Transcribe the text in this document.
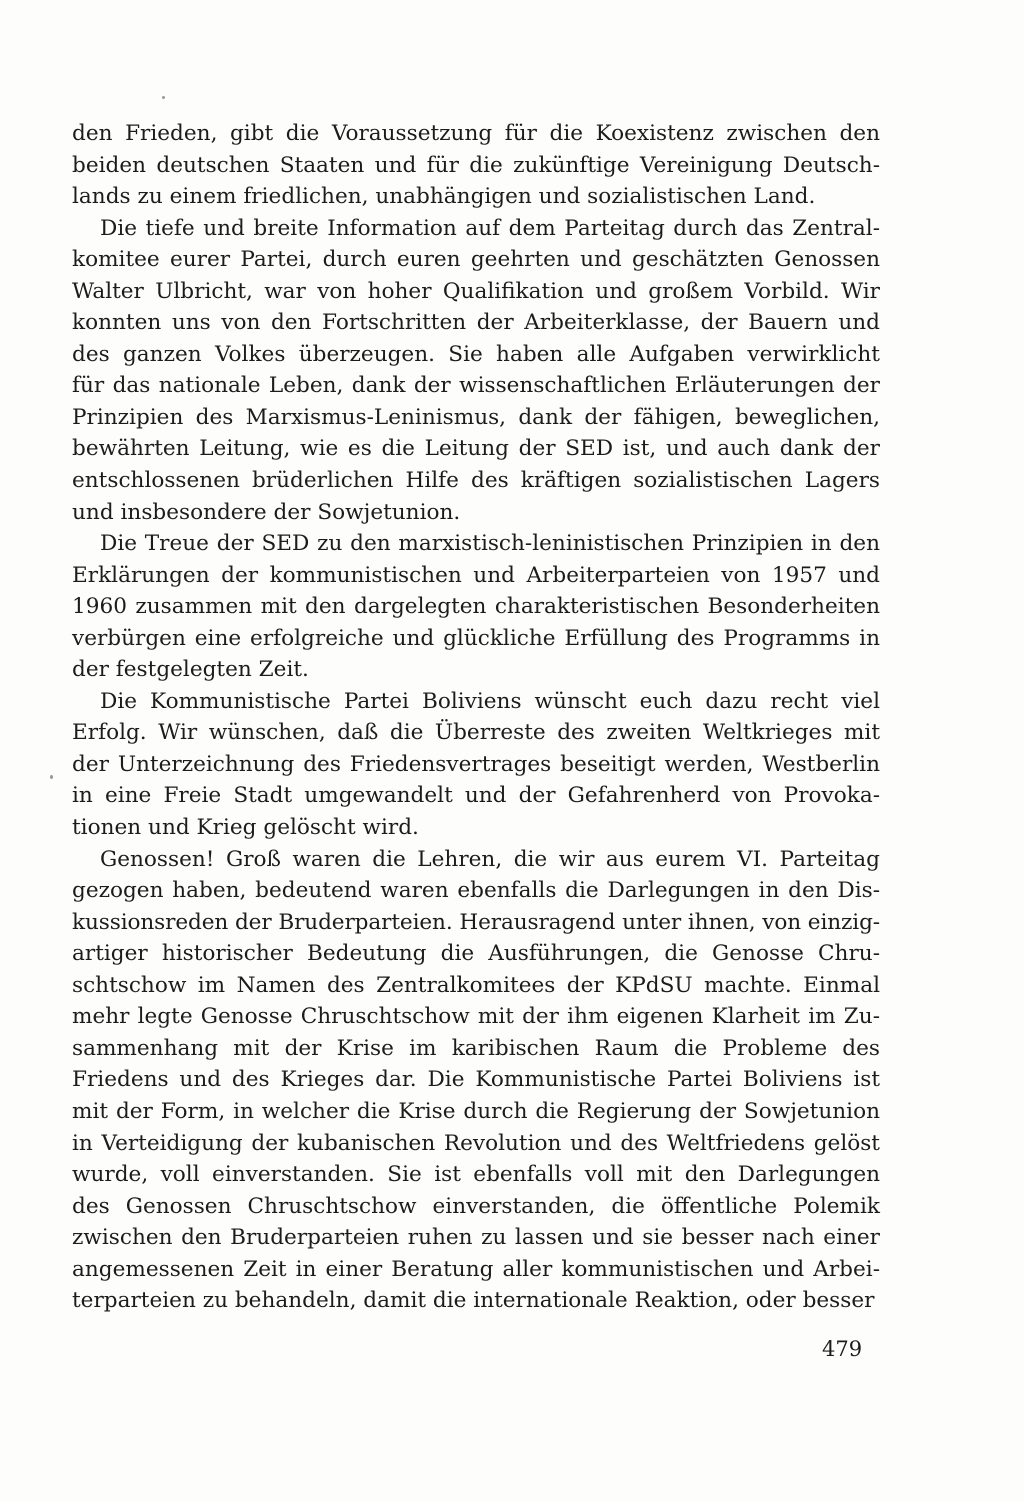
den Frieden, gibt die Voraussetzung für die Koexistenz zwischen den
beiden deutschen Staaten und für die zukünftige Vereinigung Deutsch-
lands zu einem friedlichen, unabhängigen und sozialistischen Land.
Die tiefe und breite Information auf dem Parteitag durch das Zentral-
komitee eurer Partei, durch euren geehrten und geschätzten Genossen
Walter Ulbricht, war von hoher Qualifikation und großem Vorbild. Wir
konnten uns von den Fortschritten der Arbeiterklasse, der Bauern und
des ganzen Volkes überzeugen. Sie haben alle Aufgaben verwirklicht
für das nationale Leben, dank der wissenschaftlichen Erläuterungen der
Prinzipien des Marxismus-Leninismus, dank der fähigen, beweglichen,
bewährten Leitung, wie es die Leitung der SED ist, und auch dank der
entschlossenen brüderlichen Hilfe des kräftigen sozialistischen Lagers
und insbesondere der Sowjetunion.
Die Treue der SED zu den marxistisch-leninistischen Prinzipien in den
Erklärungen der kommunistischen und Arbeiterparteien von 1957 und
1960 zusammen mit den dargelegten charakteristischen Besonderheiten
verbürgen eine erfolgreiche und glückliche Erfüllung des Programms in
der festgelegten Zeit.
Die Kommunistische Partei Boliviens wünscht euch dazu recht viel
Erfolg. Wir wünschen, daß die Überreste des zweiten Weltkrieges mit
der Unterzeichnung des Friedensvertrages beseitigt werden, Westberlin
in eine Freie Stadt umgewandelt und der Gefahrenherd von Provoka-
tionen und Krieg gelöscht wird.
Genossen! Groß waren die Lehren, die wir aus eurem VI. Parteitag
gezogen haben, bedeutend waren ebenfalls die Darlegungen in den Dis-
kussionsreden der Bruderparteien. Herausragend unter ihnen, von einzig-
artiger historischer Bedeutung die Ausführungen, die Genosse Chru-
schtschow im Namen des Zentralkomitees der KPdSU machte. Einmal
mehr legte Genosse Chruschtschow mit der ihm eigenen Klarheit im Zu-
sammenhang mit der Krise im karibischen Raum die Probleme des
Friedens und des Krieges dar. Die Kommunistische Partei Boliviens ist
mit der Form, in welcher die Krise durch die Regierung der Sowjetunion
in Verteidigung der kubanischen Revolution und des Weltfriedens gelöst
wurde, voll einverstanden. Sie ist ebenfalls voll mit den Darlegungen
des Genossen Chruschtschow einverstanden, die öffentliche Polemik
zwischen den Bruderparteien ruhen zu lassen und sie besser nach einer
angemessenen Zeit in einer Beratung aller kommunistischen und Arbei-
terparteien zu behandeln, damit die internationale Reaktion, oder besser
479
